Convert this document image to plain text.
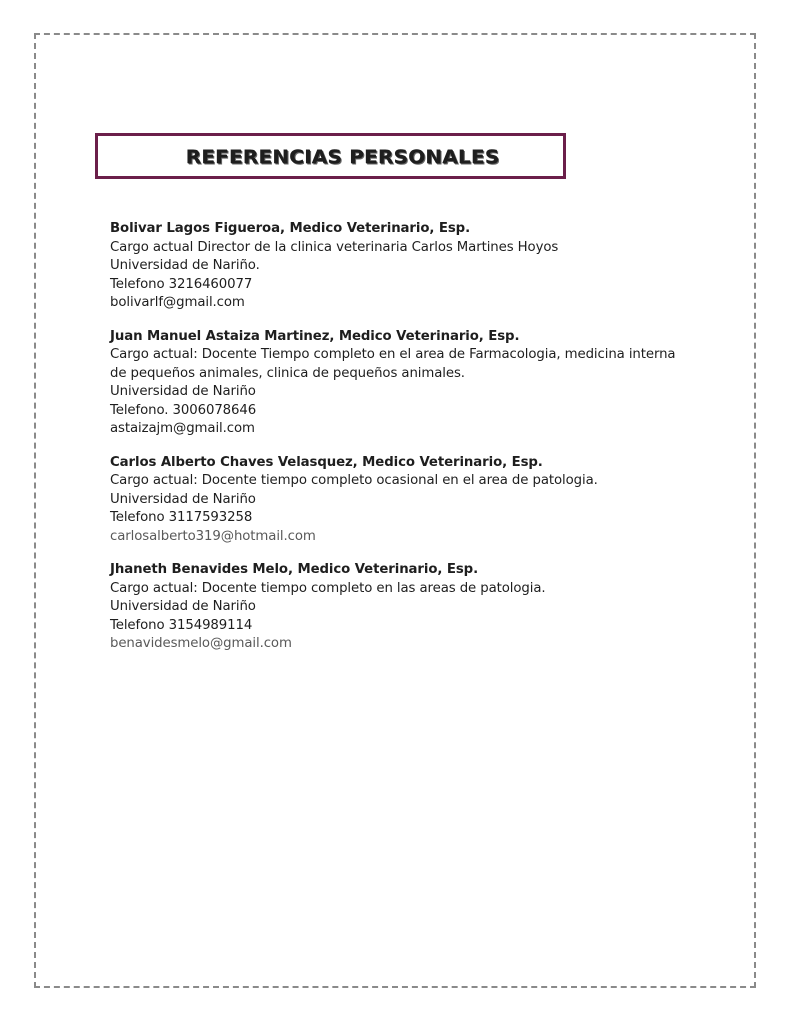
REFERENCIAS PERSONALES
Bolivar Lagos Figueroa, Medico Veterinario, Esp.
Cargo actual Director de la clinica veterinaria Carlos Martines Hoyos
Universidad de Nariño.
Telefono 3216460077
bolivarlf@gmail.com
Juan Manuel Astaiza Martinez, Medico Veterinario, Esp.
Cargo actual: Docente Tiempo completo en el area de Farmacologia, medicina interna
de pequeños animales, clinica de pequeños animales.
Universidad de Nariño
Telefono. 3006078646
astaizajm@gmail.com
Carlos Alberto Chaves Velasquez, Medico Veterinario, Esp.
Cargo actual: Docente tiempo completo ocasional en el area de patologia.
Universidad de Nariño
Telefono 3117593258
carlosalberto319@hotmail.com
Jhaneth Benavides Melo, Medico Veterinario, Esp.
Cargo actual: Docente tiempo completo en las areas de patologia.
Universidad de Nariño
Telefono 3154989114
benavidesmelo@gmail.com
